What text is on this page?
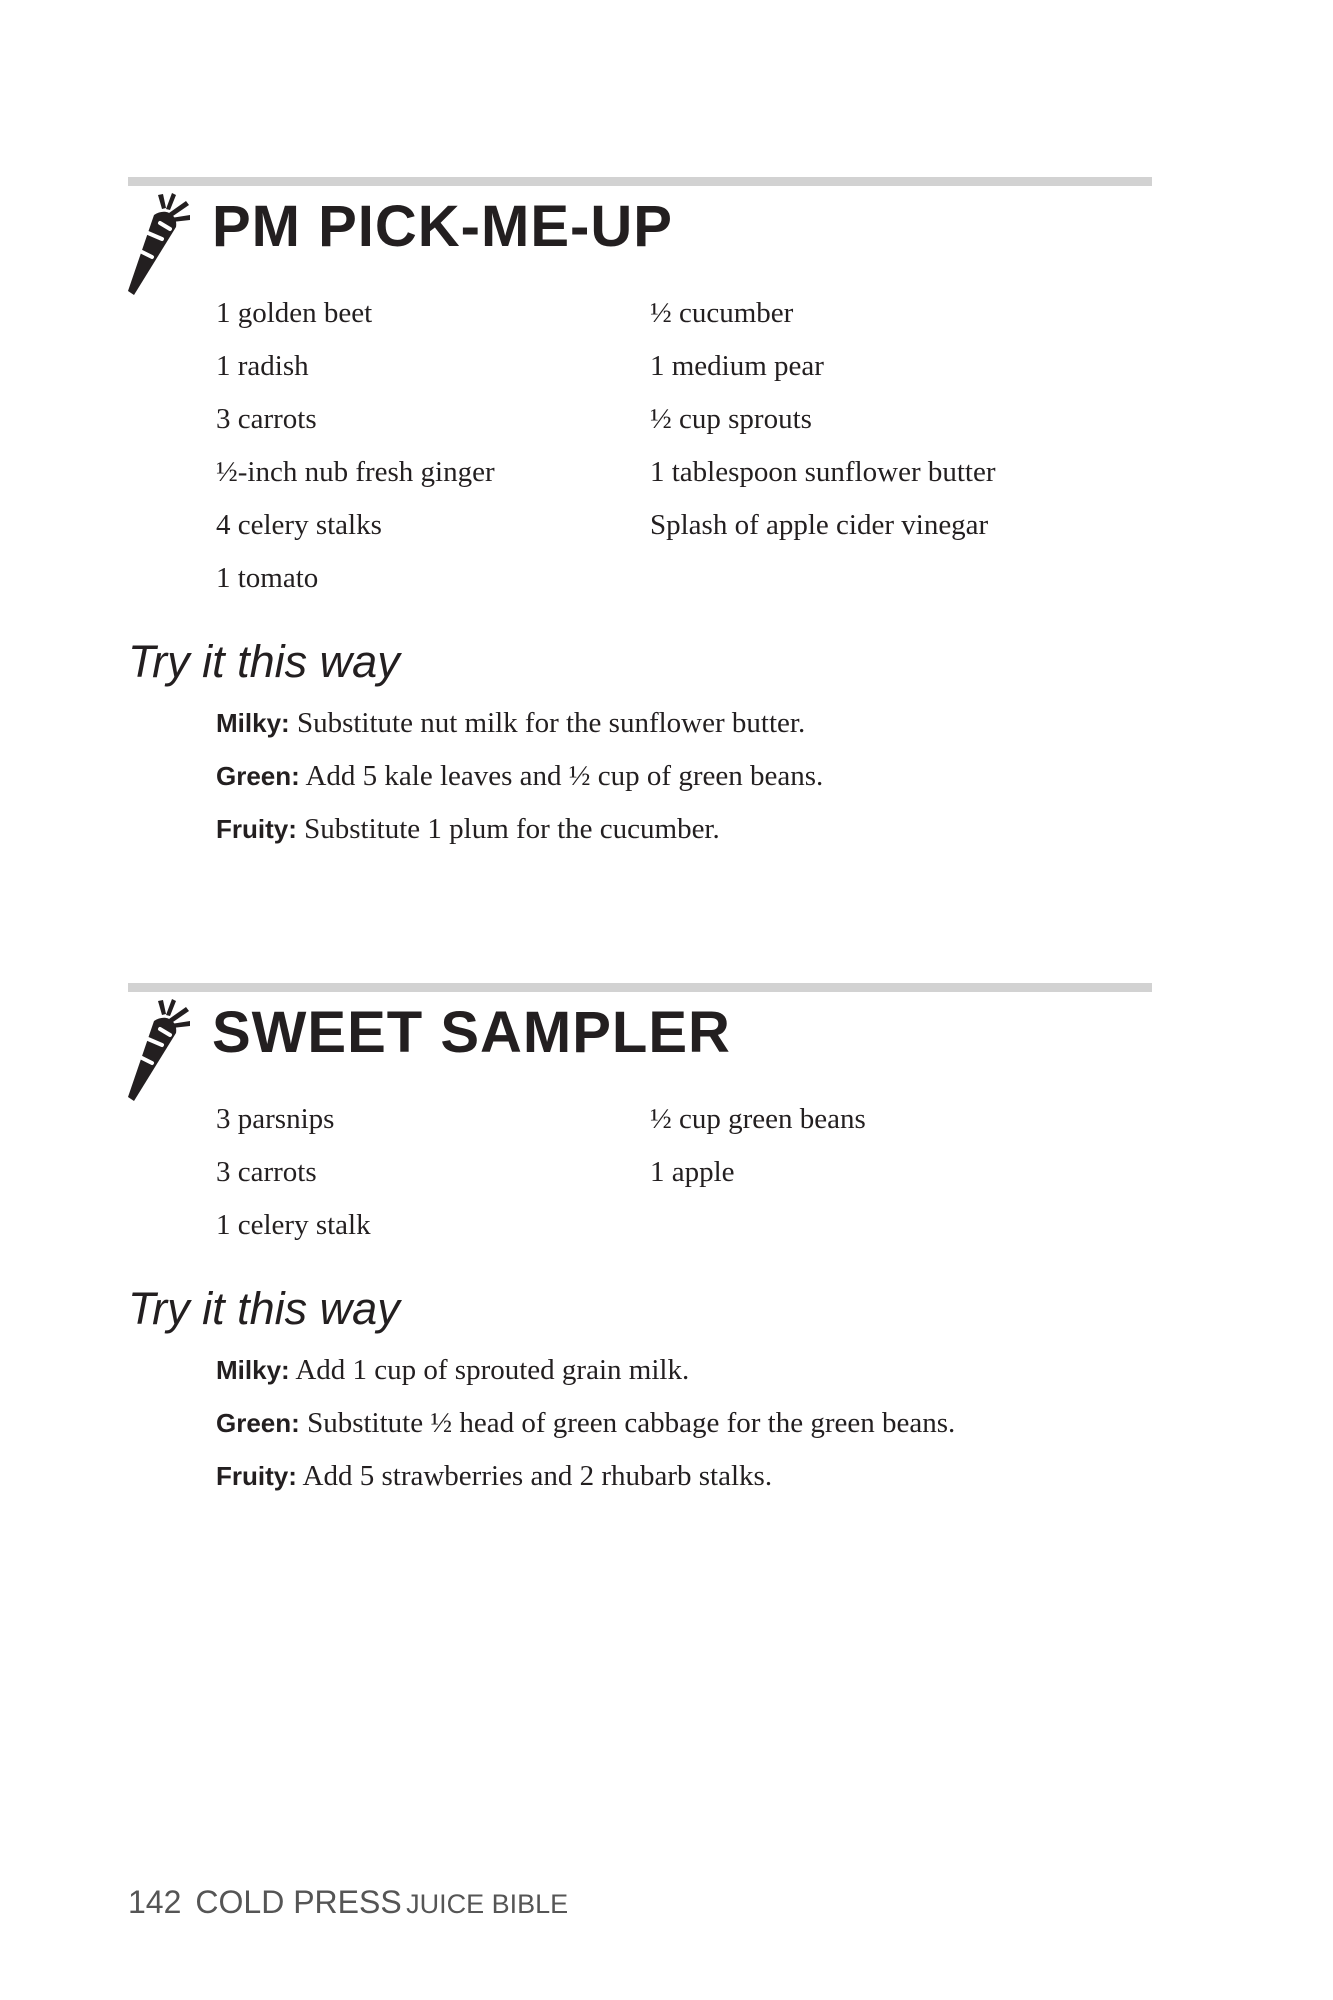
PM PICK-ME-UP
1 golden beet
1 radish
3 carrots
½-inch nub fresh ginger
4 celery stalks
1 tomato
½ cucumber
1 medium pear
½ cup sprouts
1 tablespoon sunflower butter
Splash of apple cider vinegar
Try it this way
Milky: Substitute nut milk for the sunflower butter.
Green: Add 5 kale leaves and ½ cup of green beans.
Fruity: Substitute 1 plum for the cucumber.
SWEET SAMPLER
3 parsnips
3 carrots
1 celery stalk
½ cup green beans
1 apple
Try it this way
Milky: Add 1 cup of sprouted grain milk.
Green: Substitute ½ head of green cabbage for the green beans.
Fruity: Add 5 strawberries and 2 rhubarb stalks.

142 COLD PRESS JUICE BIBLE
